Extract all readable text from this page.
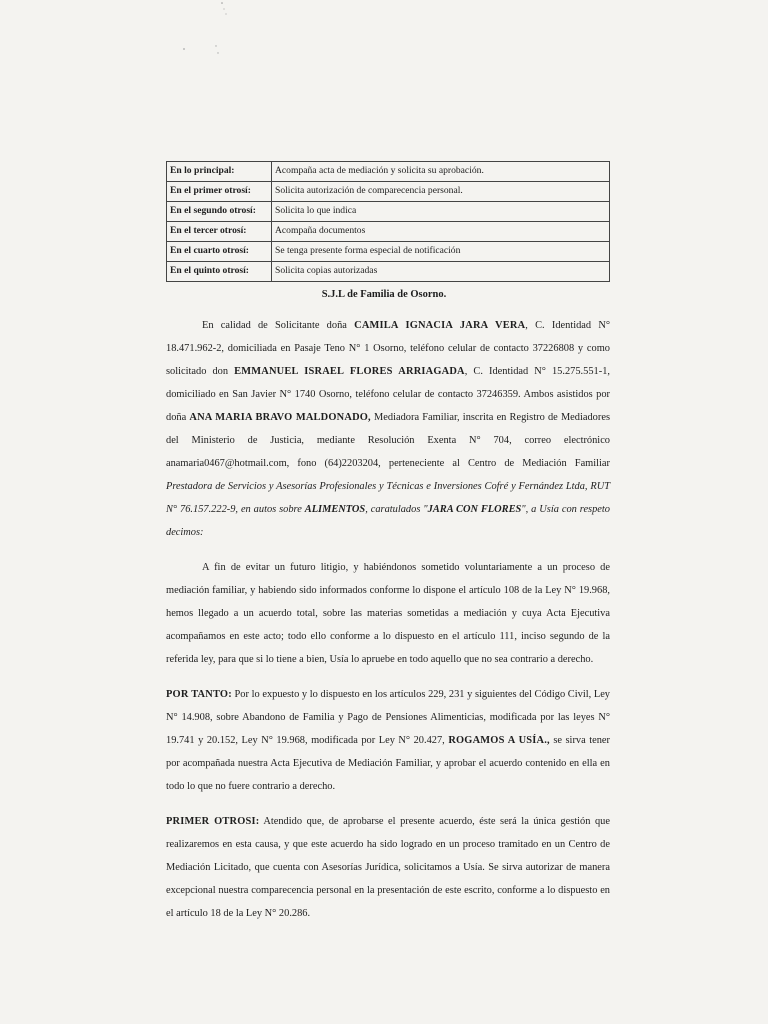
En lo principal:	Acompaña acta de mediación y solicita su aprobación.
En el primer otrosí:	Solicita autorización de comparecencia personal.
En el segundo otrosí:	Solicita lo que indica
En el tercer otrosí:	Acompaña documentos
En el cuarto otrosí:	Se tenga presente forma especial de notificación
En el quinto otrosí:	Solicita copias autorizadas
S.J.L de Familia de Osorno.

En calidad de Solicitante doña CAMILA IGNACIA JARA VERA, C. Identidad N° 18.471.962-2, domiciliada en Pasaje Teno N° 1 Osorno, teléfono celular de contacto 37226808 y como solicitado don EMMANUEL ISRAEL FLORES ARRIAGADA, C. Identidad N° 15.275.551-1, domiciliado en San Javier N° 1740 Osorno, teléfono celular de contacto 37246359. Ambos asistidos por doña ANA MARIA BRAVO MALDONADO, Mediadora Familiar, inscrita en Registro de Mediadores del Ministerio de Justicia, mediante Resolución Exenta N° 704, correo electrónico anamaria0467@hotmail.com, fono (64)2203204, perteneciente al Centro de Mediación Familiar Prestadora de Servicios y Asesorías Profesionales y Técnicas e Inversiones Cofré y Fernández Ltda, RUT N° 76.157.222-9, en autos sobre ALIMENTOS, caratulados "JARA CON FLORES", a Usía con respeto decimos:

A fin de evitar un futuro litigio, y habiéndonos sometido voluntariamente a un proceso de mediación familiar, y habiendo sido informados conforme lo dispone el artículo 108 de la Ley N° 19.968, hemos llegado a un acuerdo total, sobre las materias sometidas a mediación y cuya Acta Ejecutiva acompañamos en este acto; todo ello conforme a lo dispuesto en el artículo 111, inciso segundo de la referida ley, para que si lo tiene a bien, Usía lo apruebe en todo aquello que no sea contrario a derecho.

POR TANTO: Por lo expuesto y lo dispuesto en los artículos 229, 231 y siguientes del Código Civil, Ley N° 14.908, sobre Abandono de Familia y Pago de Pensiones Alimenticias, modificada por las leyes N° 19.741 y 20.152, Ley N° 19.968, modificada por Ley N° 20.427, ROGAMOS A USÍA., se sirva tener por acompañada nuestra Acta Ejecutiva de Mediación Familiar, y aprobar el acuerdo contenido en ella en todo lo que no fuere contrario a derecho.

PRIMER OTROSI: Atendido que, de aprobarse el presente acuerdo, éste será la única gestión que realizaremos en esta causa, y que este acuerdo ha sido logrado en un proceso tramitado en un Centro de Mediación Licitado, que cuenta con Asesorías Jurídica, solicitamos a Usía. Se sirva autorizar de manera excepcional nuestra comparecencia personal en la presentación de este escrito, conforme a lo dispuesto en el artículo 18 de la Ley N° 20.286.
